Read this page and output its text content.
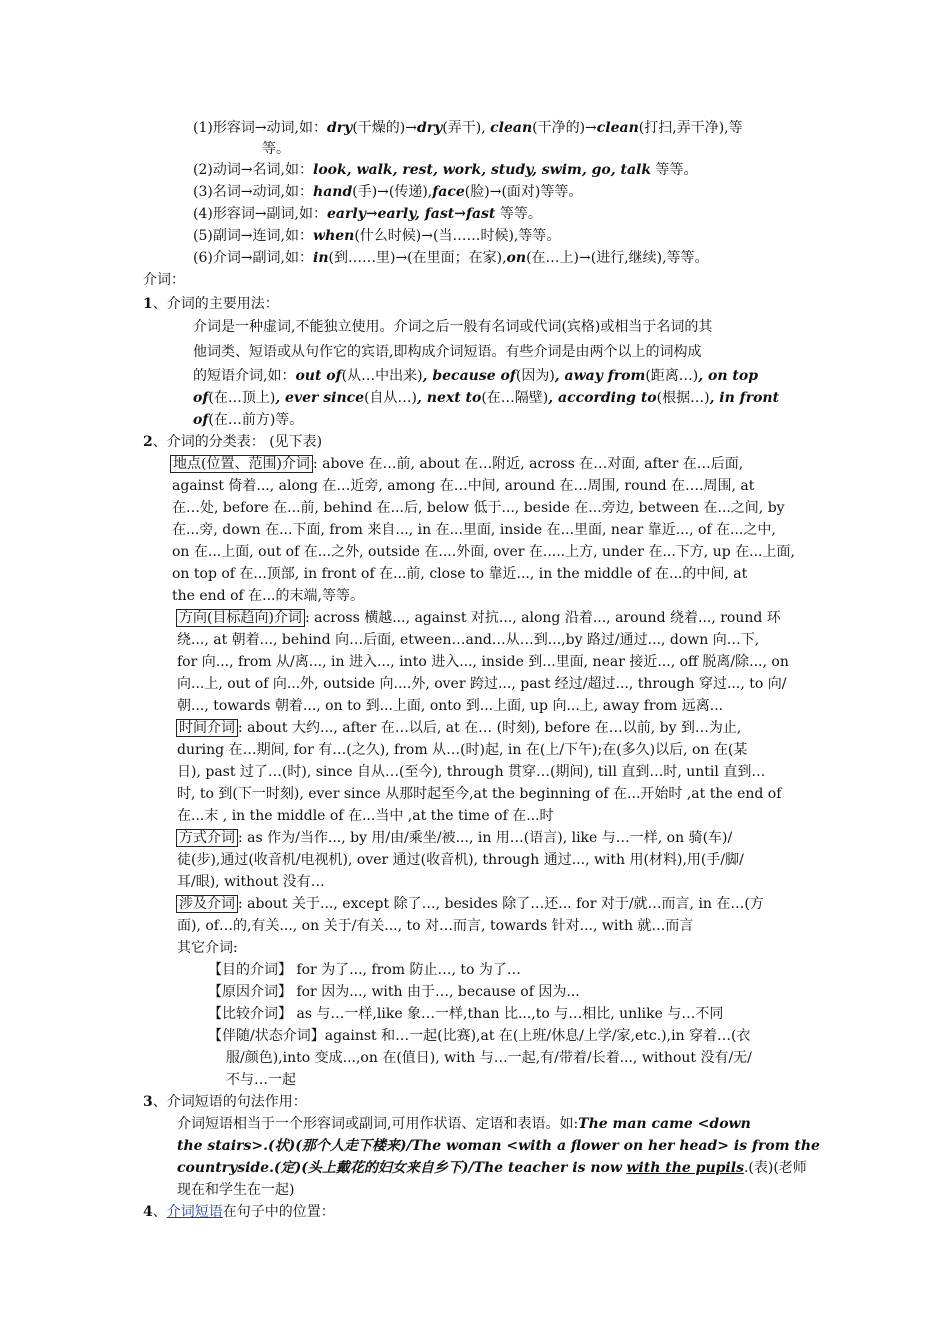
(1)形容词→动词,如：dry(干燥的)→dry(弄干), clean(干净的)→clean(打扫,弄干净),等
等。
(2)动词→名词,如：look, walk, rest, work, study, swim, go, talk 等等。
(3)名词→动词,如：hand(手)→(传递),face(脸)→(面对)等等。
(4)形容词→副词,如：early→early, fast→fast 等等。
(5)副词→连词,如：when(什么时候)→(当……时候),等等。
(6)介词→副词,如：in(到……里)→(在里面；在家),on(在…上)→(进行,继续),等等。
介词：
1、介词的主要用法：
介词是一种虚词,不能独立使用。介词之后一般有名词或代词(宾格)或相当于名词的其
他词类、短语或从句作它的宾语,即构成介词短语。有些介词是由两个以上的词构成
的短语介词,如：out of(从…中出来), because of(因为), away from(距离…), on top
of(在…顶上), ever since(自从…), next to(在…隔壁), according to(根据…), in front
of(在…前方)等。
2、介词的分类表： (见下表)
地点(位置、范围)介词 : above 在…前, about 在…附近, across 在…对面, after 在…后面,
against 倚着..., along 在…近旁, among 在…中间, around 在…周围, round 在….周围, at
在…处, before 在...前, behind 在...后, below 低于..., beside 在...旁边, between 在...之间, by
在...旁, down 在...下面, from 来自..., in 在...里面, inside 在...里面, near 靠近..., of 在...之中,
on 在...上面, out of 在...之外, outside 在....外面, over 在.....上方, under 在...下方, up 在...上面,
on top of 在...顶部, in front of 在...前, close to 靠近..., in the middle of 在...的中间, at
the end of 在...的末端,等等。
方向(目标趋向)介词 : across 横越..., against 对抗..., along 沿着..., around 绕着..., round 环
绕..., at 朝着..., behind 向…后面, etween…and…从…到...,by 路过/通过..., down 向…下,
for 向..., from 从/离..., in 进入..., into 进入..., inside 到...里面, near 接近..., off 脱离/除..., on
向...上, out of 向...外, outside 向....外, over 跨过..., past 经过/超过..., through 穿过..., to 向/
朝..., towards 朝着..., on to 到...上面, onto 到...上面, up 向...上, away from 远离...
时间介词 : about 大约..., after 在…以后, at 在… (时刻), before 在…以前, by 到…为止,
during 在…期间, for 有…(之久), from 从…(时)起, in 在(上/下午);在(多久)以后, on 在(某
日), past 过了…(时), since 自从…(至今), through 贯穿…(期间), till 直到…时, until 直到…
时, to 到(下一时刻), ever since 从那时起至今,at the beginning of 在...开始时 ,at the end of
在...末 , in the middle of 在...当中 ,at the time of 在...时
方式介词 : as 作为/当作..., by 用/由/乘坐/被..., in 用…(语言), like 与…一样, on 骑(车)/
徒(步),通过(收音机/电视机), over 通过(收音机), through 通过..., with 用(材料),用(手/脚/
耳/眼), without 没有…
涉及介词 : about 关于..., except 除了…, besides 除了…还... for 对于/就…而言, in 在…(方
面), of…的,有关..., on 关于/有关..., to 对…而言, towards 针对..., with 就…而言
其它介词:
【目的介词】 for 为了..., from 防止…, to 为了…
【原因介词】 for 因为..., with 由于…, because of 因为...
【比较介词】 as 与…一样,like 象…一样,than 比...,to 与…相比, unlike 与…不同
【伴随/状态介词】against 和…一起(比赛),at 在(上班/休息/上学/家,etc.),in 穿着…(衣
服/颜色),into 变成...,on 在(值日), with 与…一起,有/带着/长着..., without 没有/无/
不与…一起
3、介词短语的句法作用：
介词短语相当于一个形容词或副词,可用作状语、定语和表语。如:The man came <down
the stairs>.(状)(那个人走下楼来)/The woman <with a flower on her head> is from the
countryside.(定)(头上戴花的妇女来自乡下)/The teacher is now with the pupils.(表)(老师
现在和学生在一起)
4、介词短语在句子中的位置：
